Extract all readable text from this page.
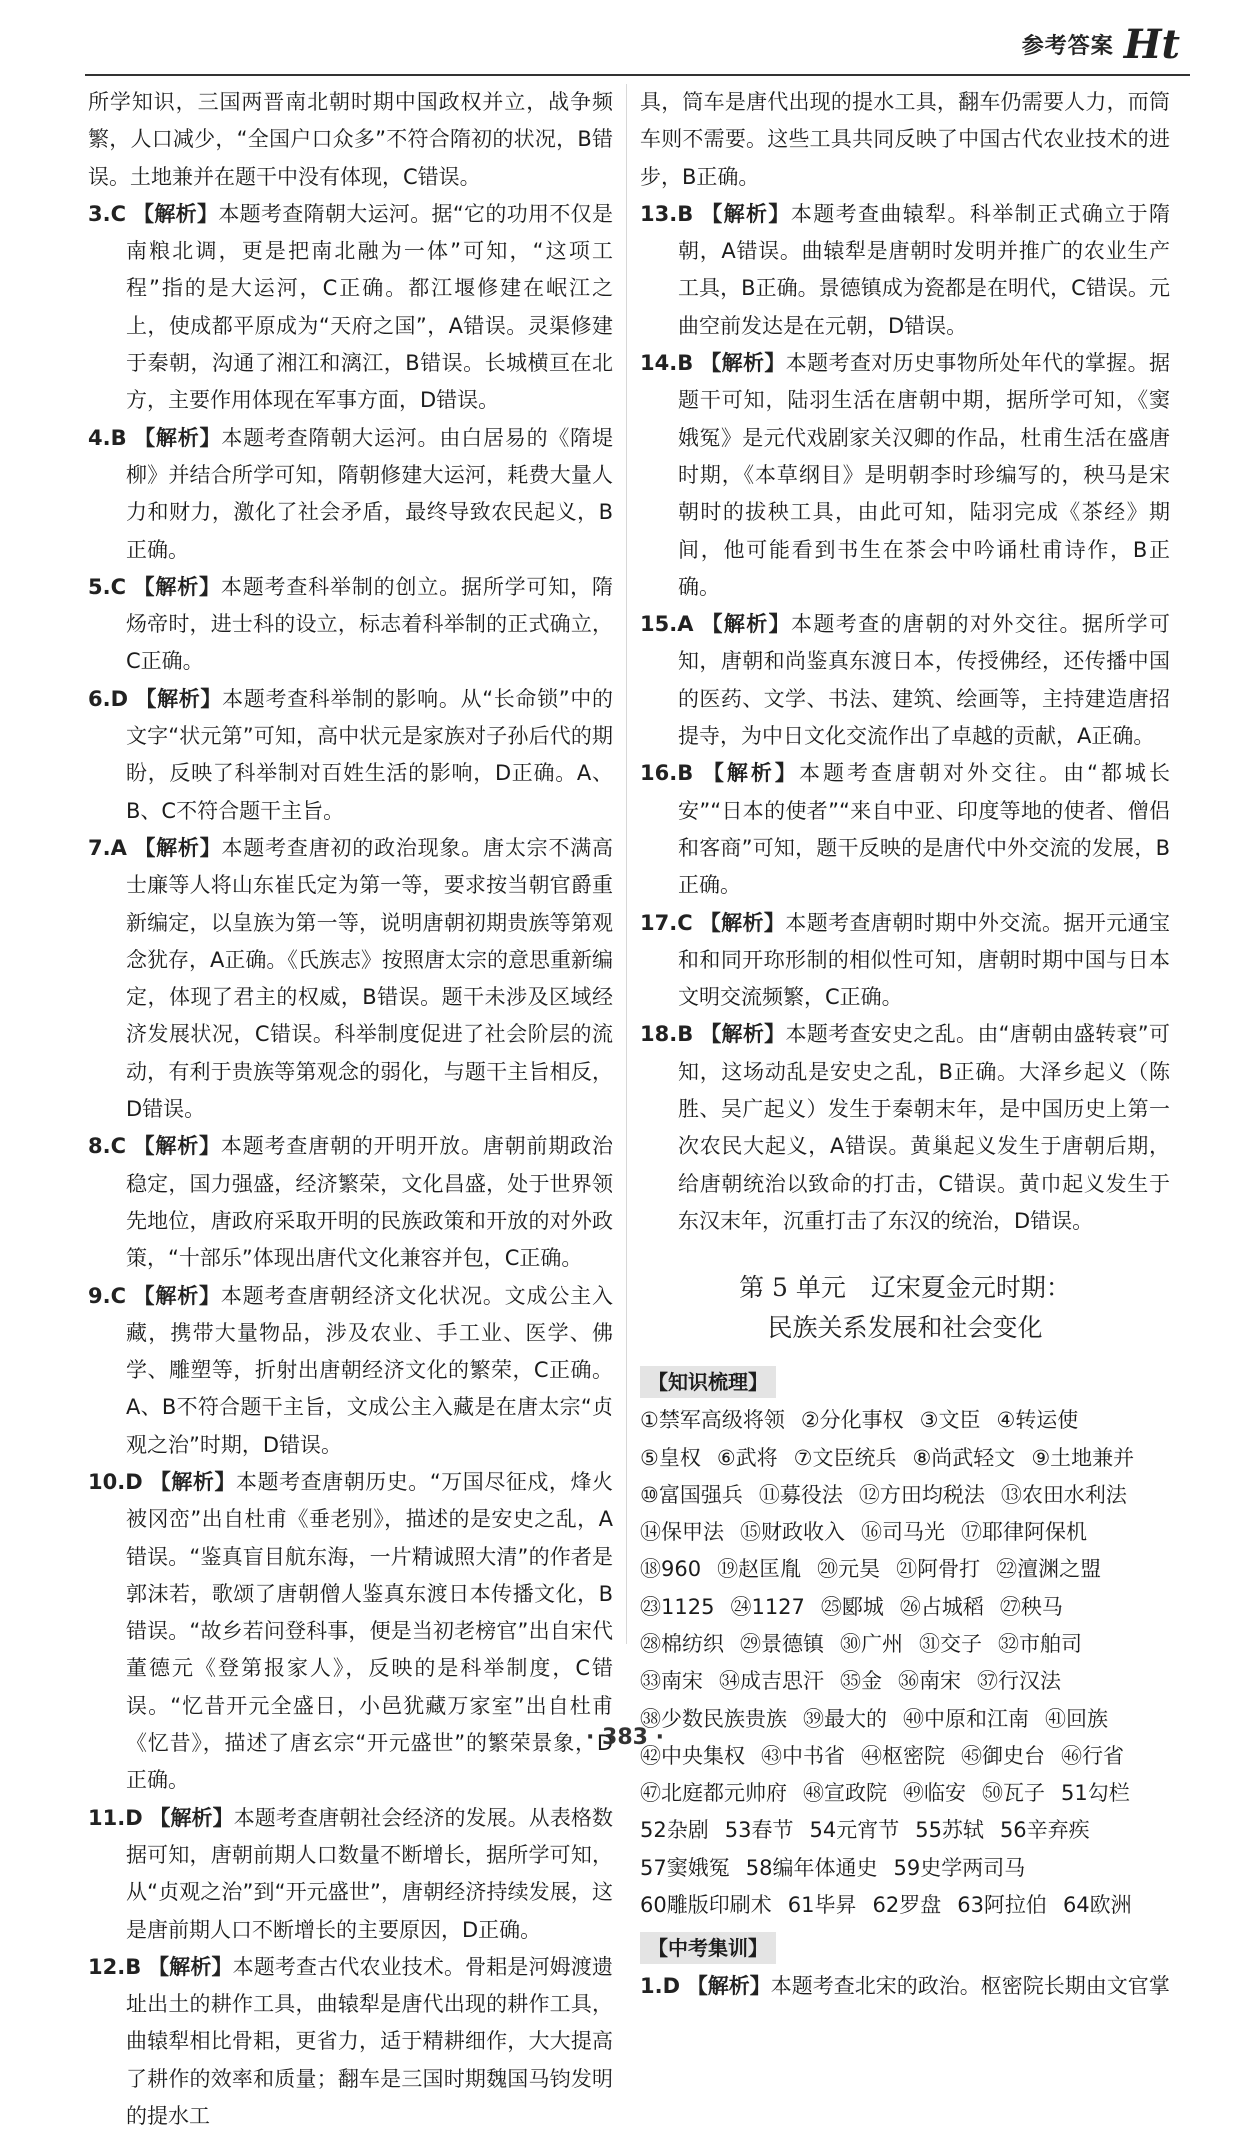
参考答案 Ht

所学知识，三国两晋南北朝时期中国政权并立，战争频繁，人口减少，“全国户口众多”不符合隋初的状况，B错误。土地兼并在题干中没有体现，C错误。

3.C 【解析】本题考查隋朝大运河。据“它的功用不仅是南粮北调，更是把南北融为一体”可知，“这项工程”指的是大运河，C正确。都江堰修建在岷江之上，使成都平原成为“天府之国”，A错误。灵渠修建于秦朝，沟通了湘江和漓江，B错误。长城横亘在北方，主要作用体现在军事方面，D错误。

4.B 【解析】本题考查隋朝大运河。由白居易的《隋堤柳》并结合所学可知，隋朝修建大运河，耗费大量人力和财力，激化了社会矛盾，最终导致农民起义，B正确。

5.C 【解析】本题考查科举制的创立。据所学可知，隋炀帝时，进士科的设立，标志着科举制的正式确立，C正确。

6.D 【解析】本题考查科举制的影响。从“长命锁”中的文字“状元第”可知，高中状元是家族对子孙后代的期盼，反映了科举制对百姓生活的影响，D正确。A、B、C不符合题干主旨。

7.A 【解析】本题考查唐初的政治现象。唐太宗不满高士廉等人将山东崔氏定为第一等，要求按当朝官爵重新编定，以皇族为第一等，说明唐朝初期贵族等第观念犹存，A正确。《氏族志》按照唐太宗的意思重新编定，体现了君主的权威，B错误。题干未涉及区域经济发展状况，C错误。科举制度促进了社会阶层的流动，有利于贵族等第观念的弱化，与题干主旨相反，D错误。

8.C 【解析】本题考查唐朝的开明开放。唐朝前期政治稳定，国力强盛，经济繁荣，文化昌盛，处于世界领先地位，唐政府采取开明的民族政策和开放的对外政策，“十部乐”体现出唐代文化兼容并包，C正确。

9.C 【解析】本题考查唐朝经济文化状况。文成公主入藏，携带大量物品，涉及农业、手工业、医学、佛学、雕塑等，折射出唐朝经济文化的繁荣，C正确。A、B不符合题干主旨，文成公主入藏是在唐太宗“贞观之治”时期，D错误。

10.D 【解析】本题考查唐朝历史。“万国尽征戍，烽火被冈峦”出自杜甫《垂老别》，描述的是安史之乱，A错误。“鉴真盲目航东海，一片精诚照大清”的作者是郭沫若，歌颂了唐朝僧人鉴真东渡日本传播文化，B错误。“故乡若问登科事，便是当初老榜官”出自宋代董德元《登第报家人》，反映的是科举制度，C错误。“忆昔开元全盛日，小邑犹藏万家室”出自杜甫《忆昔》，描述了唐玄宗“开元盛世”的繁荣景象，D正确。

11.D 【解析】本题考查唐朝社会经济的发展。从表格数据可知，唐朝前期人口数量不断增长，据所学可知，从“贞观之治”到“开元盛世”，唐朝经济持续发展，这是唐前期人口不断增长的主要原因，D正确。

12.B 【解析】本题考查古代农业技术。骨耜是河姆渡遗址出土的耕作工具，曲辕犁是唐代出现的耕作工具，曲辕犁相比骨耜，更省力，适于精耕细作，大大提高了耕作的效率和质量；翻车是三国时期魏国马钧发明的提水工

具，筒车是唐代出现的提水工具，翻车仍需要人力，而筒车则不需要。这些工具共同反映了中国古代农业技术的进步，B正确。

13.B 【解析】本题考查曲辕犁。科举制正式确立于隋朝，A错误。曲辕犁是唐朝时发明并推广的农业生产工具，B正确。景德镇成为瓷都是在明代，C错误。元曲空前发达是在元朝，D错误。

14.B 【解析】本题考查对历史事物所处年代的掌握。据题干可知，陆羽生活在唐朝中期，据所学可知，《窦娥冤》是元代戏剧家关汉卿的作品，杜甫生活在盛唐时期，《本草纲目》是明朝李时珍编写的，秧马是宋朝时的拔秧工具，由此可知，陆羽完成《茶经》期间，他可能看到书生在茶会中吟诵杜甫诗作，B正确。

15.A 【解析】本题考查的唐朝的对外交往。据所学可知，唐朝和尚鉴真东渡日本，传授佛经，还传播中国的医药、文学、书法、建筑、绘画等，主持建造唐招提寺，为中日文化交流作出了卓越的贡献，A正确。

16.B 【解析】本题考查唐朝对外交往。由“都城长安”“日本的使者”“来自中亚、印度等地的使者、僧侣和客商”可知，题干反映的是唐代中外交流的发展，B正确。

17.C 【解析】本题考查唐朝时期中外交流。据开元通宝和和同开珎形制的相似性可知，唐朝时期中国与日本文明交流频繁，C正确。

18.B 【解析】本题考查安史之乱。由“唐朝由盛转衰”可知，这场动乱是安史之乱，B正确。大泽乡起义（陈胜、吴广起义）发生于秦朝末年，是中国历史上第一次农民大起义，A错误。黄巢起义发生于唐朝后期，给唐朝统治以致命的打击，C错误。黄巾起义发生于东汉末年，沉重打击了东汉的统治，D错误。

第 5 单元　辽宋夏金元时期：
民族关系发展和社会变化
【知识梳理】
①禁军高级将领 ②分化事权 ③文臣 ④转运使
⑤皇权 ⑥武将 ⑦文臣统兵 ⑧尚武轻文 ⑨土地兼并
⑩富国强兵 ⑪募役法 ⑫方田均税法 ⑬农田水利法
⑭保甲法 ⑮财政收入 ⑯司马光 ⑰耶律阿保机
⑱960 ⑲赵匡胤 ⑳元昊 ㉑阿骨打 ㉒澶渊之盟
㉓1125 ㉔1127 ㉕郾城 ㉖占城稻 ㉗秧马
㉘棉纺织 ㉙景德镇 ㉚广州 ㉛交子 ㉜市舶司
㉝南宋 ㉞成吉思汗 ㉟金 ㊱南宋 ㊲行汉法
㊳少数民族贵族 ㊴最大的 ㊵中原和江南 ㊶回族
㊷中央集权 ㊸中书省 ㊹枢密院 ㊺御史台 ㊻行省
㊼北庭都元帅府 ㊽宣政院 ㊾临安 ㊿瓦子 51勾栏
52杂剧 53春节 54元宵节 55苏轼 56辛弃疾
57窦娥冤 58编年体通史 59史学两司马
60雕版印刷术 61毕昇 62罗盘 63阿拉伯 64欧洲
【中考集训】

1.D 【解析】本题考查北宋的政治。枢密院长期由文官掌

· 383 ·
